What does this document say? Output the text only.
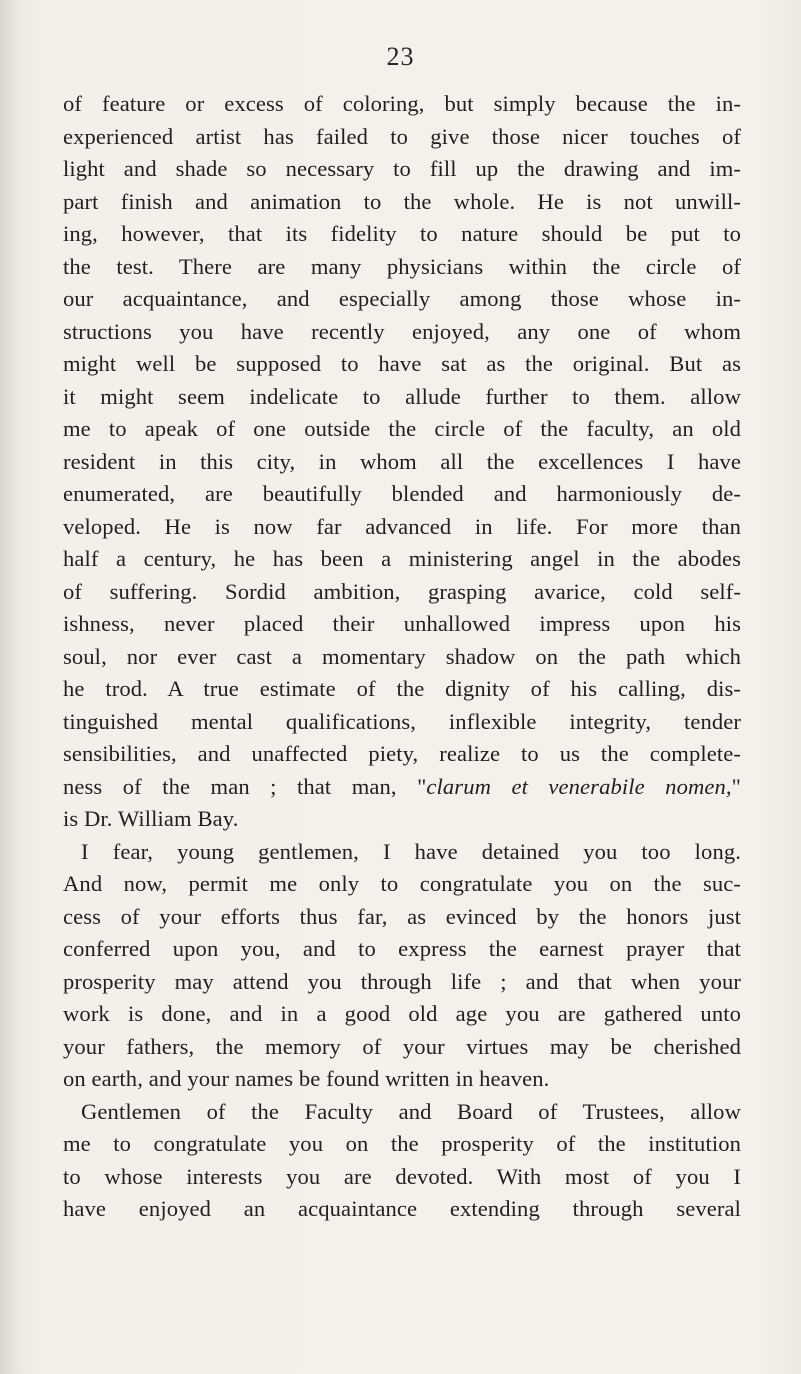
23
of feature or excess of coloring, but simply because the in-
experienced artist has failed to give those nicer touches of
light and shade so necessary to fill up the drawing and im-
part finish and animation to the whole. He is not unwill-
ing, however, that its fidelity to nature should be put to
the test. There are many physicians within the circle of
our acquaintance, and especially among those whose in-
structions you have recently enjoyed, any one of whom
might well be supposed to have sat as the original. But as
it might seem indelicate to allude further to them. allow
me to apeak of one outside the circle of the faculty, an old
resident in this city, in whom all the excellences I have
enumerated, are beautifully blended and harmoniously de-
veloped. He is now far advanced in life. For more than
half a century, he has been a ministering angel in the abodes
of suffering. Sordid ambition, grasping avarice, cold self-
ishness, never placed their unhallowed impress upon his
soul, nor ever cast a momentary shadow on the path which
he trod. A true estimate of the dignity of his calling, dis-
tinguished mental qualifications, inflexible integrity, tender
sensibilities, and unaffected piety, realize to us the complete-
ness of the man ; that man, "clarum et venerabile nomen,"
is Dr. William Bay.
I fear, young gentlemen, I have detained you too long.
And now, permit me only to congratulate you on the suc-
cess of your efforts thus far, as evinced by the honors just
conferred upon you, and to express the earnest prayer that
prosperity may attend you through life ; and that when your
work is done, and in a good old age you are gathered unto
your fathers, the memory of your virtues may be cherished
on earth, and your names be found written in heaven.
Gentlemen of the Faculty and Board of Trustees, allow
me to congratulate you on the prosperity of the institution
to whose interests you are devoted. With most of you I
have enjoyed an acquaintance extending through several
